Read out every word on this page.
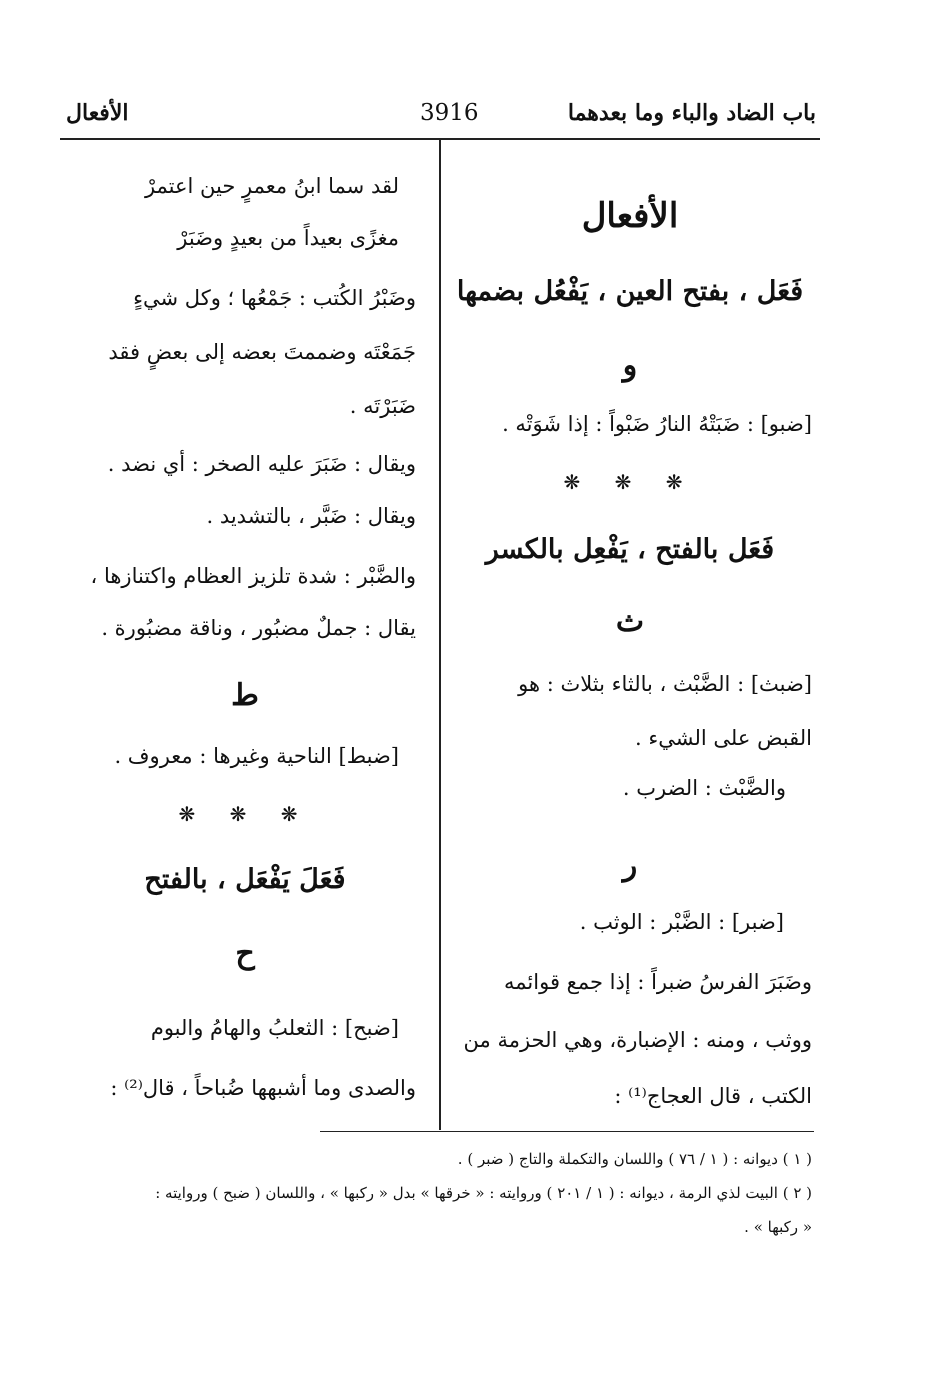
باب الضاد والباء وما بعدهما
3916
الأفعال
الأفعال
فَعَل ، بفتح العين ، يَفْعُل بضمها
و
[ضبو] : ضَبَتْهُ النارُ ضَبْواً : إذا شَوَتْه .
❋ ❋ ❋
فَعَل بالفتح ، يَفْعِل بالكسر
ث
[ضبث] : الضَّبْث ، بالثاء بثلاث : هو
القبض على الشيء .
والضَّبْث : الضرب .
ر
[ضبر] : الضَّبْر : الوثب .
وضَبَرَ الفرسُ ضبراً : إذا جمع قوائمه
ووثب ، ومنه : الإضبارة، وهي الحزمة من
الكتب ، قال العجاج⁽¹⁾ :
لقد سما ابنُ معمرٍ حين اعتمرْ
مغزًى بعيداً من بعيدٍ وضَبَرْ
وضَبْرُ الكُتب : جَمْعُها ؛ وكل شيءٍ
جَمَعْتَه وضممتَ بعضه إلى بعضٍ فقد
ضَبَرْتَه .
ويقال : ضَبَرَ عليه الصخر : أي نضد .
ويقال : ضَبَّر ، بالتشديد .
والضَّبْر : شدة تلزيز العظام واكتنازها ،
يقال : جملٌ مضبُور ، وناقة مضبُورة .
ط
[ضبط] الناحية وغيرها : معروف .
❋ ❋ ❋
فَعَلَ يَفْعَل ، بالفتح
ح
[ضبح] : الثعلبُ والهامُ والبوم
والصدى وما أشبهها ضُباحاً ، قال⁽²⁾ :
( ١ ) ديوانه : ( ١ / ٧٦ ) واللسان والتكملة والتاج ( ضبر ) .
( ٢ ) البيت لذي الرمة ، ديوانه : ( ١ / ٢٠١ ) وروايته : « خرقها » بدل « ركبها » ، واللسان ( ضبح ) وروايته :
« ركبها » .
